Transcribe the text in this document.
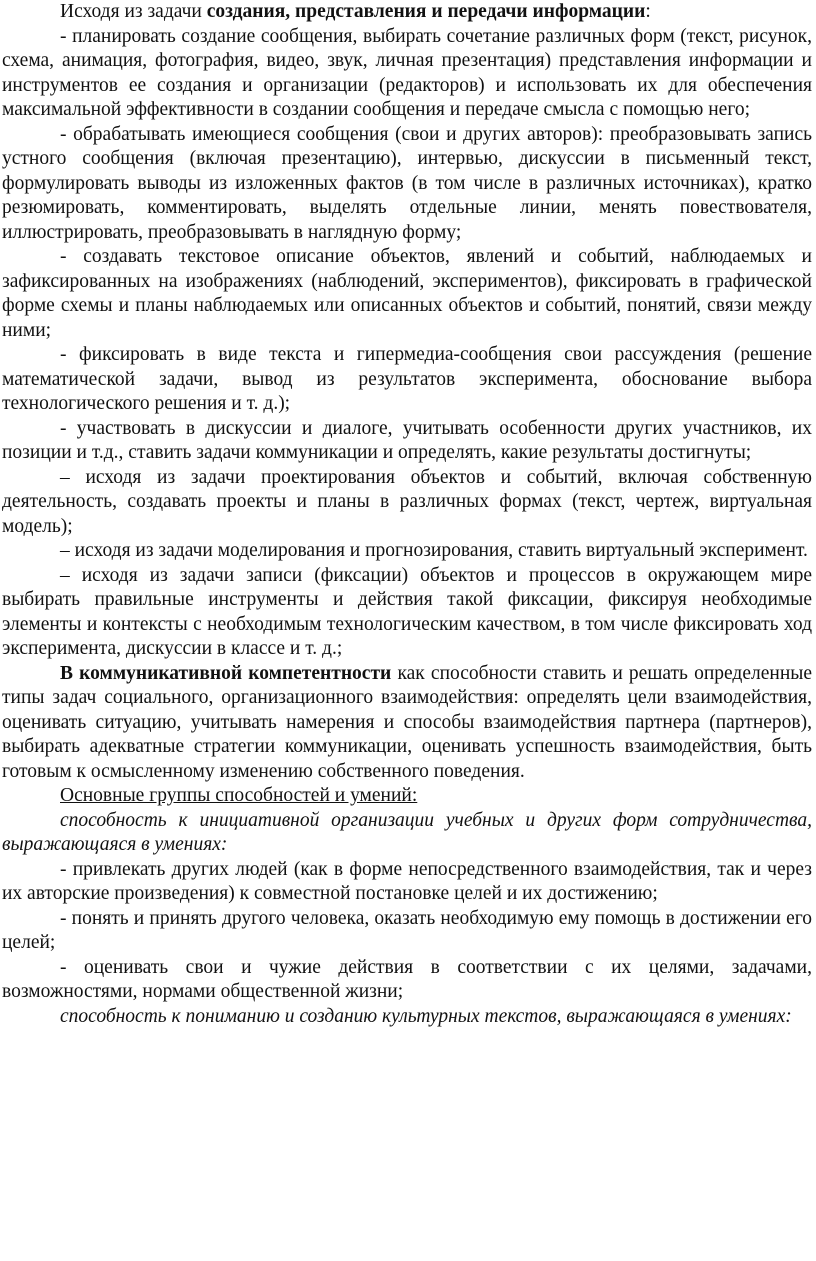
Исходя из задачи создания, представления и передачи информации:

- планировать создание сообщения, выбирать сочетание различных форм (текст, рисунок, схема, анимация, фотография, видео, звук, личная презентация) представления информации и инструментов ее создания и организации (редакторов) и использовать их для обеспечения максимальной эффективности в создании сообщения и передаче смысла с помощью него;

- обрабатывать имеющиеся сообщения (свои и других авторов): преобразовывать запись устного сообщения (включая презентацию), интервью, дискуссии в письменный текст, формулировать выводы из изложенных фактов (в том числе в различных источниках), кратко резюмировать, комментировать, выделять отдельные линии, менять повествователя, иллюстрировать, преобразовывать в наглядную форму;

- создавать текстовое описание объектов, явлений и событий, наблюдаемых и зафиксированных на изображениях (наблюдений, экспериментов), фиксировать в графической форме схемы и планы наблюдаемых или описанных объектов и событий, понятий, связи между ними;

- фиксировать в виде текста и гипермедиа-сообщения свои рассуждения (решение математической задачи, вывод из результатов эксперимента, обоснование выбора технологического решения и т. д.);

- участвовать в дискуссии и диалоге, учитывать особенности других участников, их позиции и т.д., ставить задачи коммуникации и определять, какие результаты достигнуты;

– исходя из задачи проектирования объектов и событий, включая собственную деятельность, создавать проекты и планы в различных формах (текст, чертеж, виртуальная модель);

– исходя из задачи моделирования и прогнозирования, ставить виртуальный эксперимент.

– исходя из задачи записи (фиксации) объектов и процессов в окружающем мире выбирать правильные инструменты и действия такой фиксации, фиксируя необходимые элементы и контексты с необходимым технологическим качеством, в том числе фиксировать ход эксперимента, дискуссии в классе и т. д.;

В коммуникативной компетентности как способности ставить и решать определенные типы задач социального, организационного взаимодействия: определять цели взаимодействия, оценивать ситуацию, учитывать намерения и способы взаимодействия партнера (партнеров), выбирать адекватные стратегии коммуникации, оценивать успешность взаимодействия, быть готовым к осмысленному изменению собственного поведения.

Основные группы способностей и умений:

способность к инициативной организации учебных и других форм сотрудничества, выражающаяся в умениях:

- привлекать других людей (как в форме непосредственного взаимодействия, так и через их авторские произведения) к совместной постановке целей и их достижению;

- понять и принять другого человека, оказать необходимую ему помощь в достижении его целей;

- оценивать свои и чужие действия в соответствии с их целями, задачами, возможностями, нормами общественной жизни;

способность к пониманию и созданию культурных текстов, выражающаяся в умениях:
